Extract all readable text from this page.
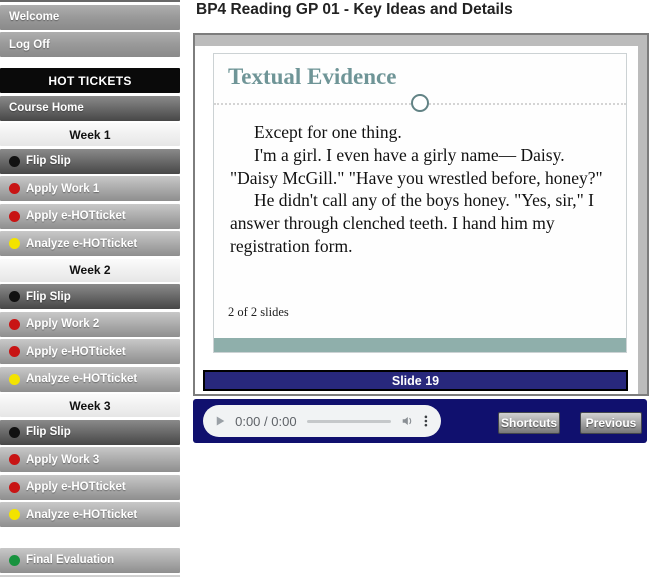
Welcome
Log Off
HOT TICKETS
Course Home
Week 1
Flip Slip
Apply Work 1
Apply e-HOTticket
Analyze e-HOTticket
Week 2
Flip Slip
Apply Work 2
Apply e-HOTticket
Analyze e-HOTticket
Week 3
Flip Slip
Apply Work 3
Apply e-HOTticket
Analyze e-HOTticket
Final Evaluation
BP4 Reading GP 01 - Key Ideas and Details
Textual Evidence

Except for one thing.

I'm a girl. I even have a girly name— Daisy. "Daisy McGill." "Have you wrestled before, honey?"

He didn't call any of the boys honey. "Yes, sir," I answer through clenched teeth. I hand him my registration form.

2 of 2 slides
Slide 19
0:00 / 0:00	Shortcuts	Previous
